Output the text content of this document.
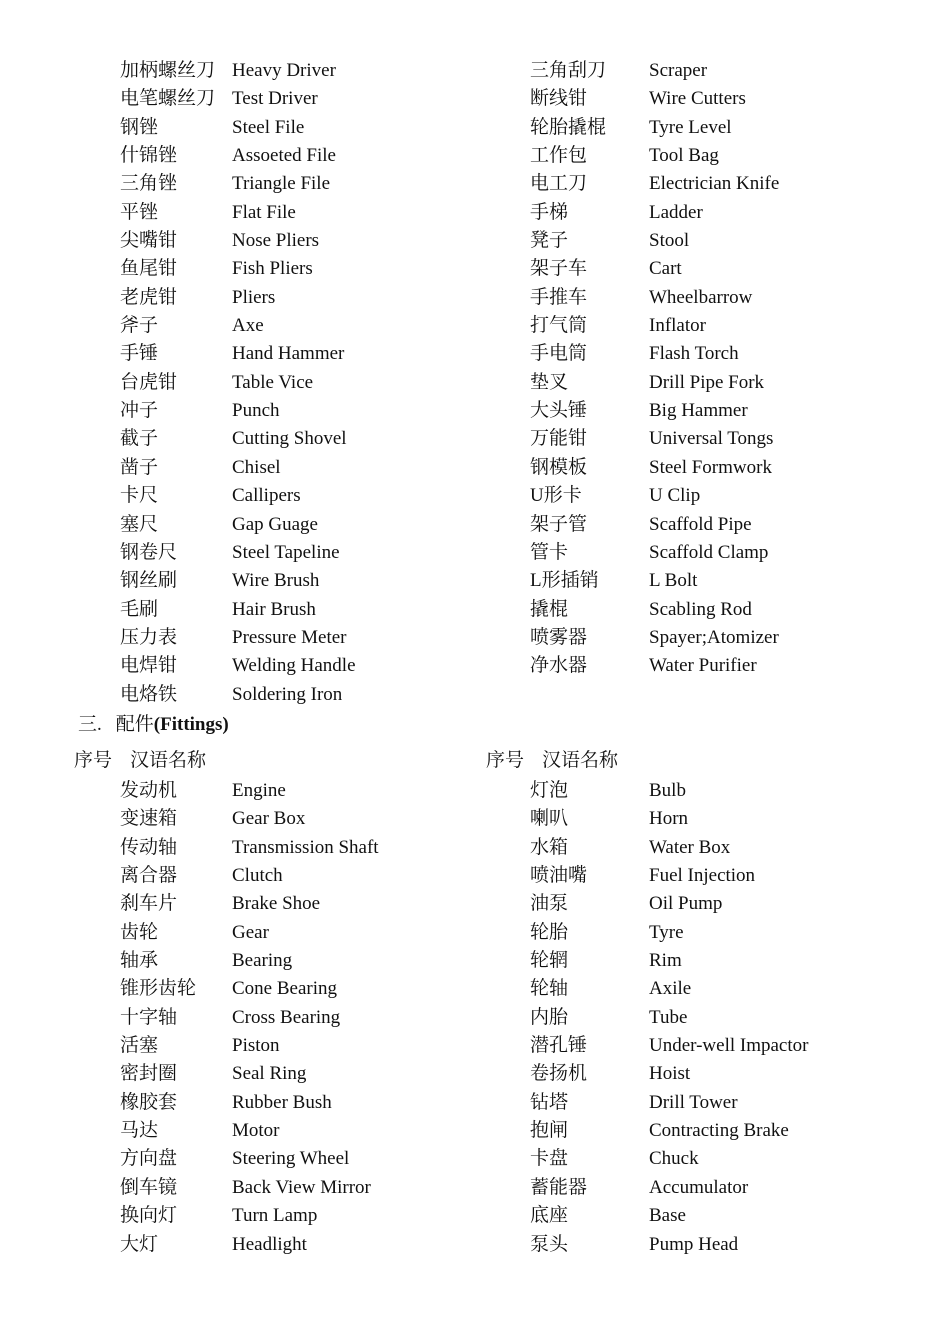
加柄螺丝刀 Heavy Driver
电笔螺丝刀 Test Driver
钢锉	Steel File
什锦锉	Assoeted File
三角锉	Triangle File
平锉	Flat File
尖嘴钳	Nose Pliers
鱼尾钳	Fish Pliers
老虎钳	Pliers
斧子	Axe
手锤	Hand Hammer
台虎钳	Table Vice
冲子	Punch
截子	Cutting Shovel
凿子	Chisel
卡尺	Callipers
塞尺	Gap Guage
钢卷尺	Steel Tapeline
钢丝刷	Wire Brush
毛刷	Hair Brush
压力表	Pressure Meter
电焊钳	Welding Handle
电烙铁	Soldering Iron
三角刮刀 Scraper
断线钳	Wire Cutters
轮胎撬棍 Tyre Level
工作包	Tool Bag
电工刀	Electrician Knife
手梯	Ladder
凳子	Stool
架子车	Cart
手推车	Wheelbarrow
打气筒	Inflator
手电筒	Flash Torch
垫叉	Drill Pipe Fork
大头锤	Big Hammer
万能钳	Universal Tongs
钢模板	Steel Formwork
U形卡	U Clip
架子管	Scaffold Pipe
管卡	Scaffold Clamp
L形插销	L Bolt
撬棍	Scabling Rod
喷雾器	Spayer;Atomizer
净水器	Water Purifier
三. 配件(Fittings)
序号 汉语名称	序号 汉语名称
发动机	Engine
变速箱	Gear Box
传动轴	Transmission Shaft
离合器	Clutch
刹车片	Brake Shoe
齿轮	Gear
轴承	Bearing
锥形齿轮 Cone Bearing
十字轴	Cross Bearing
活塞	Piston
密封圈	Seal Ring
橡胶套	Rubber Bush
马达	Motor
方向盘	Steering Wheel
倒车镜	Back View Mirror
换向灯	Turn Lamp
大灯	Headlight
灯泡	Bulb
喇叭	Horn
水箱	Water Box
喷油嘴	Fuel Injection
油泵	Oil Pump
轮胎	Tyre
轮辋	Rim
轮轴	Axile
内胎	Tube
潜孔锤	Under-well Impactor
卷扬机	Hoist
钻塔	Drill Tower
抱闸	Contracting Brake
卡盘	Chuck
蓄能器	Accumulator
底座	Base
泵头	Pump Head
